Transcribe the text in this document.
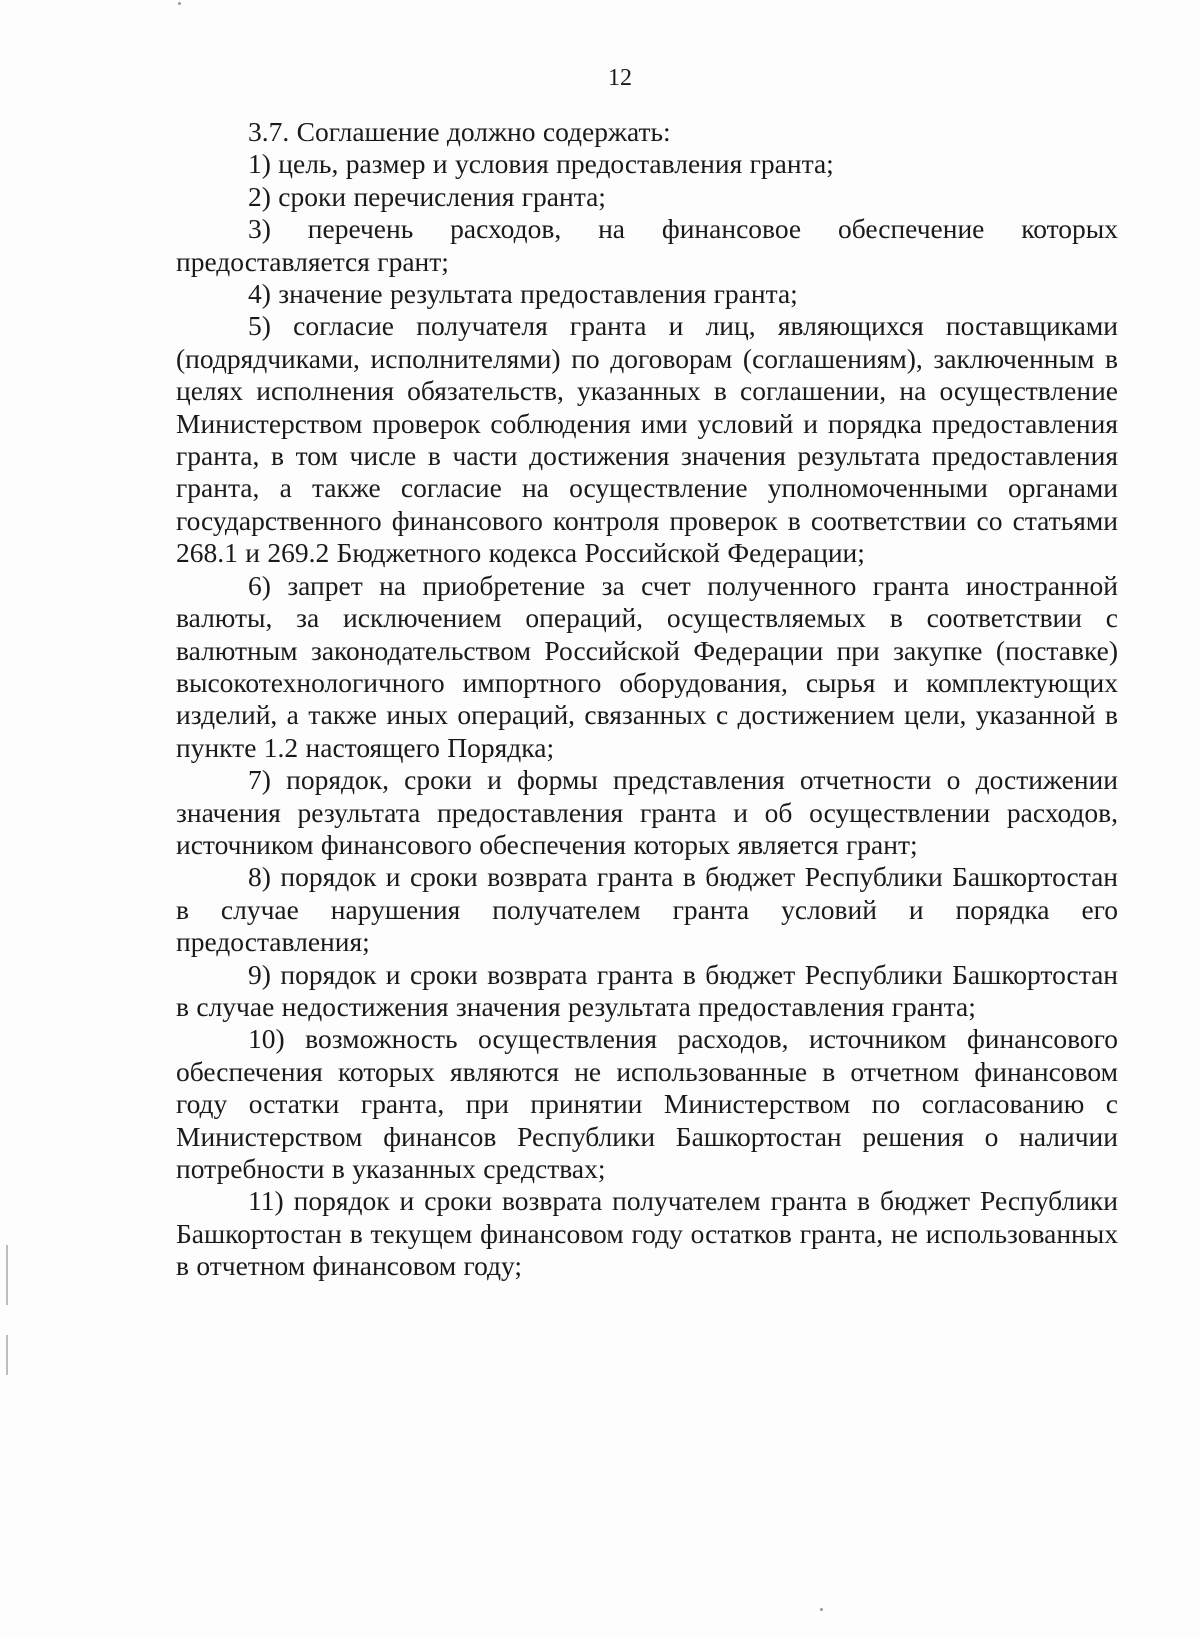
12

3.7. Соглашение должно содержать:

1) цель, размер и условия предоставления гранта;

2) сроки перечисления гранта;

3) перечень расходов, на финансовое обеспечение которых предоставляется грант;

4) значение результата предоставления гранта;

5) согласие получателя гранта и лиц, являющихся поставщиками (подрядчиками, исполнителями) по договорам (соглашениям), заключенным в целях исполнения обязательств, указанных в соглашении, на осуществление Министерством проверок соблюдения ими условий и порядка предоставления гранта, в том числе в части достижения значения результата предоставления гранта, а также согласие на осуществление уполномоченными органами государственного финансового контроля проверок в соответствии со статьями 268.1 и 269.2 Бюджетного кодекса Российской Федерации;

6) запрет на приобретение за счет полученного гранта иностранной валюты, за исключением операций, осуществляемых в соответствии с валютным законодательством Российской Федерации при закупке (поставке) высокотехнологичного импортного оборудования, сырья и комплектующих изделий, а также иных операций, связанных с достижением цели, указанной в пункте 1.2 настоящего Порядка;

7) порядок, сроки и формы представления отчетности о достижении значения результата предоставления гранта и об осуществлении расходов, источником финансового обеспечения которых является грант;

8) порядок и сроки возврата гранта в бюджет Республики Башкортостан в случае нарушения получателем гранта условий и порядка его предоставления;

9) порядок и сроки возврата гранта в бюджет Республики Башкортостан в случае недостижения значения результата предоставления гранта;

10) возможность осуществления расходов, источником финансового обеспечения которых являются не использованные в отчетном финансовом году остатки гранта, при принятии Министерством по согласованию с Министерством финансов Республики Башкортостан решения о наличии потребности в указанных средствах;

11) порядок и сроки возврата получателем гранта в бюджет Республики Башкортостан в текущем финансовом году остатков гранта, не использованных в отчетном финансовом году;
